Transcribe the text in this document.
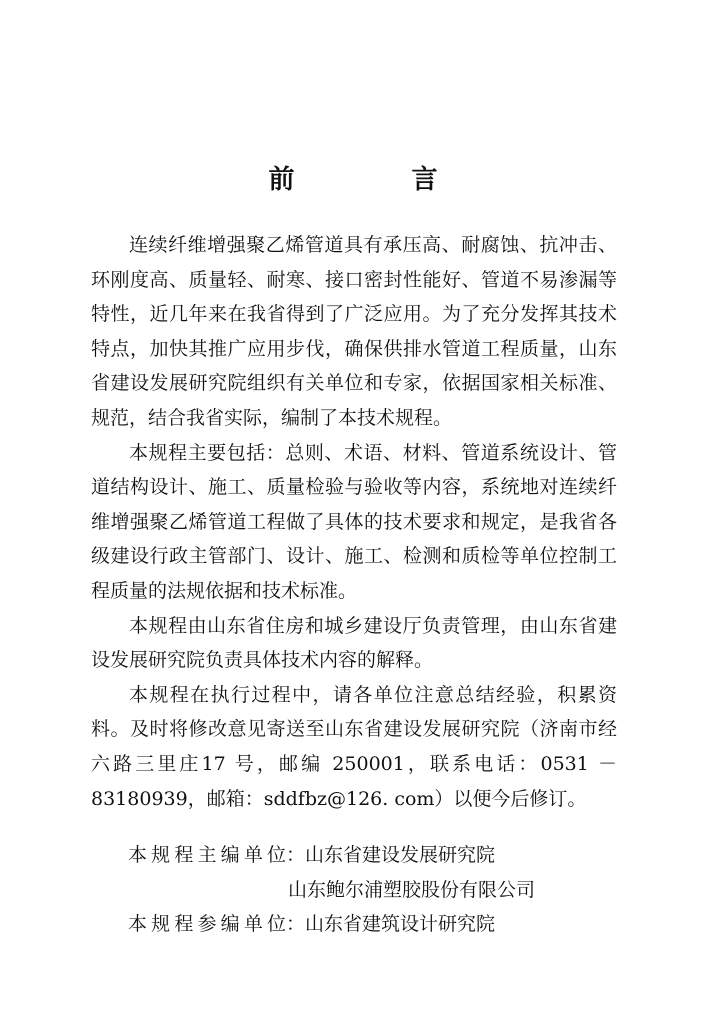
前 言

连续纤维增强聚乙烯管道具有承压高、耐腐蚀、抗冲击、环刚度高、质量轻、耐寒、接口密封性能好、管道不易渗漏等特性，近几年来在我省得到了广泛应用。为了充分发挥其技术特点，加快其推广应用步伐，确保供排水管道工程质量，山东省建设发展研究院组织有关单位和专家，依据国家相关标准、规范，结合我省实际，编制了本技术规程。

本规程主要包括：总则、术语、材料、管道系统设计、管道结构设计、施工、质量检验与验收等内容，系统地对连续纤维增强聚乙烯管道工程做了具体的技术要求和规定，是我省各级建设行政主管部门、设计、施工、检测和质检等单位控制工程质量的法规依据和技术标准。

本规程由山东省住房和城乡建设厅负责管理，由山东省建设发展研究院负责具体技术内容的解释。

本规程在执行过程中，请各单位注意总结经验，积累资料。及时将修改意见寄送至山东省建设发展研究院（济南市经六路三里庄17 号，邮编 250001，联系电话：0531 － 83180939，邮箱：sddfbz@126. com）以便今后修订。

本规程主编单位 ： 山东省建设发展研究院
山东鲍尔浦塑胶股份有限公司
本规程参编单位 ： 山东省建筑设计研究院
